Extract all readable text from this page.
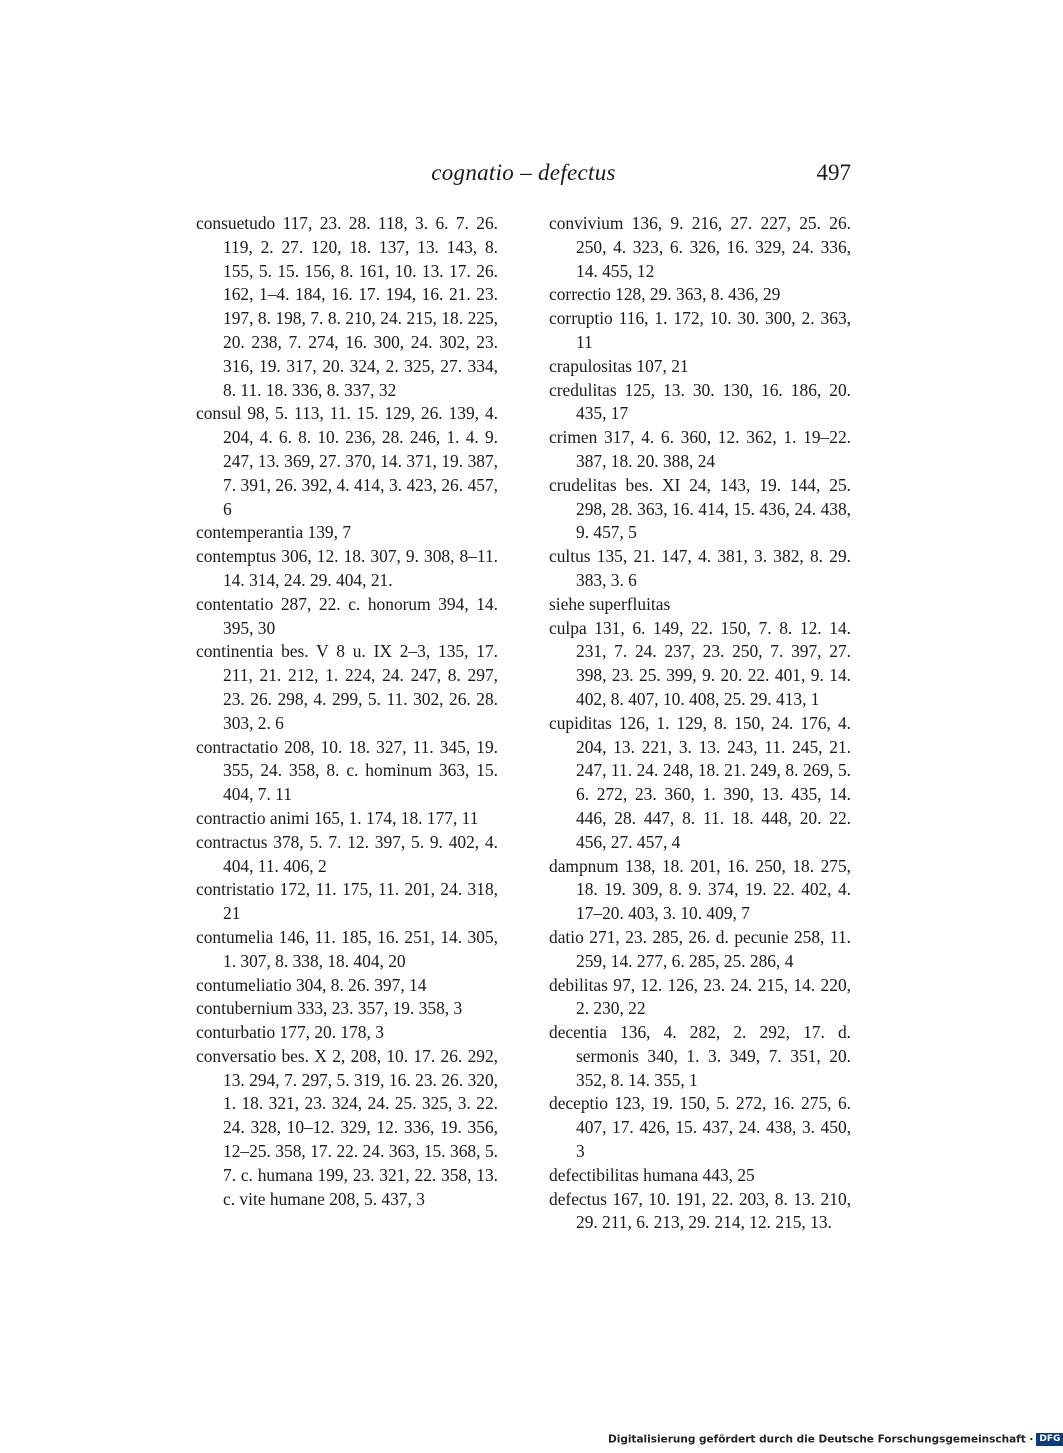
cognatio – defectus	497
consuetudo 117, 23. 28. 118, 3. 6. 7. 26. 119, 2. 27. 120, 18. 137, 13. 143, 8. 155, 5. 15. 156, 8. 161, 10. 13. 17. 26. 162, 1–4. 184, 16. 17. 194, 16. 21. 23. 197, 8. 198, 7. 8. 210, 24. 215, 18. 225, 20. 238, 7. 274, 16. 300, 24. 302, 23. 316, 19. 317, 20. 324, 2. 325, 27. 334, 8. 11. 18. 336, 8. 337, 32
consul 98, 5. 113, 11. 15. 129, 26. 139, 4. 204, 4. 6. 8. 10. 236, 28. 246, 1. 4. 9. 247, 13. 369, 27. 370, 14. 371, 19. 387, 7. 391, 26. 392, 4. 414, 3. 423, 26. 457, 6
contemperantia 139, 7
contemptus 306, 12. 18. 307, 9. 308, 8–11. 14. 314, 24. 29. 404, 21.
contentatio 287, 22. c. honorum 394, 14. 395, 30
continentia bes. V 8 u. IX 2–3, 135, 17. 211, 21. 212, 1. 224, 24. 247, 8. 297, 23. 26. 298, 4. 299, 5. 11. 302, 26. 28. 303, 2. 6
contractatio 208, 10. 18. 327, 11. 345, 19. 355, 24. 358, 8. c. hominum 363, 15. 404, 7. 11
contractio animi 165, 1. 174, 18. 177, 11
contractus 378, 5. 7. 12. 397, 5. 9. 402, 4. 404, 11. 406, 2
contristatio 172, 11. 175, 11. 201, 24. 318, 21
contumelia 146, 11. 185, 16. 251, 14. 305, 1. 307, 8. 338, 18. 404, 20
contumeliatio 304, 8. 26. 397, 14
contubernium 333, 23. 357, 19. 358, 3
conturbatio 177, 20. 178, 3
conversatio bes. X 2, 208, 10. 17. 26. 292, 13. 294, 7. 297, 5. 319, 16. 23. 26. 320, 1. 18. 321, 23. 324, 24. 25. 325, 3. 22. 24. 328, 10–12. 329, 12. 336, 19. 356, 12–25. 358, 17. 22. 24. 363, 15. 368, 5. 7. c. humana 199, 23. 321, 22. 358, 13. c. vite humane 208, 5. 437, 3
convivium 136, 9. 216, 27. 227, 25. 26. 250, 4. 323, 6. 326, 16. 329, 24. 336, 14. 455, 12
correctio 128, 29. 363, 8. 436, 29
corruptio 116, 1. 172, 10. 30. 300, 2. 363, 11
crapulositas 107, 21
credulitas 125, 13. 30. 130, 16. 186, 20. 435, 17
crimen 317, 4. 6. 360, 12. 362, 1. 19–22. 387, 18. 20. 388, 24
crudelitas bes. XI 24, 143, 19. 144, 25. 298, 28. 363, 16. 414, 15. 436, 24. 438, 9. 457, 5
cultus 135, 21. 147, 4. 381, 3. 382, 8. 29. 383, 3. 6
siehe superfluitas
culpa 131, 6. 149, 22. 150, 7. 8. 12. 14. 231, 7. 24. 237, 23. 250, 7. 397, 27. 398, 23. 25. 399, 9. 20. 22. 401, 9. 14. 402, 8. 407, 10. 408, 25. 29. 413, 1
cupiditas 126, 1. 129, 8. 150, 24. 176, 4. 204, 13. 221, 3. 13. 243, 11. 245, 21. 247, 11. 24. 248, 18. 21. 249, 8. 269, 5. 6. 272, 23. 360, 1. 390, 13. 435, 14. 446, 28. 447, 8. 11. 18. 448, 20. 22. 456, 27. 457, 4
dampnum 138, 18. 201, 16. 250, 18. 275, 18. 19. 309, 8. 9. 374, 19. 22. 402, 4. 17–20. 403, 3. 10. 409, 7
datio 271, 23. 285, 26. d. pecunie 258, 11. 259, 14. 277, 6. 285, 25. 286, 4
debilitas 97, 12. 126, 23. 24. 215, 14. 220, 2. 230, 22
decentia 136, 4. 282, 2. 292, 17. d. sermonis 340, 1. 3. 349, 7. 351, 20. 352, 8. 14. 355, 1
deceptio 123, 19. 150, 5. 272, 16. 275, 6. 407, 17. 426, 15. 437, 24. 438, 3. 450, 3
defectibilitas humana 443, 25
defectus 167, 10. 191, 22. 203, 8. 13. 210, 29. 211, 6. 213, 29. 214, 12. 215, 13.
Digitalisierung gefördert durch die Deutsche Forschungsgemeinschaft · DFG
